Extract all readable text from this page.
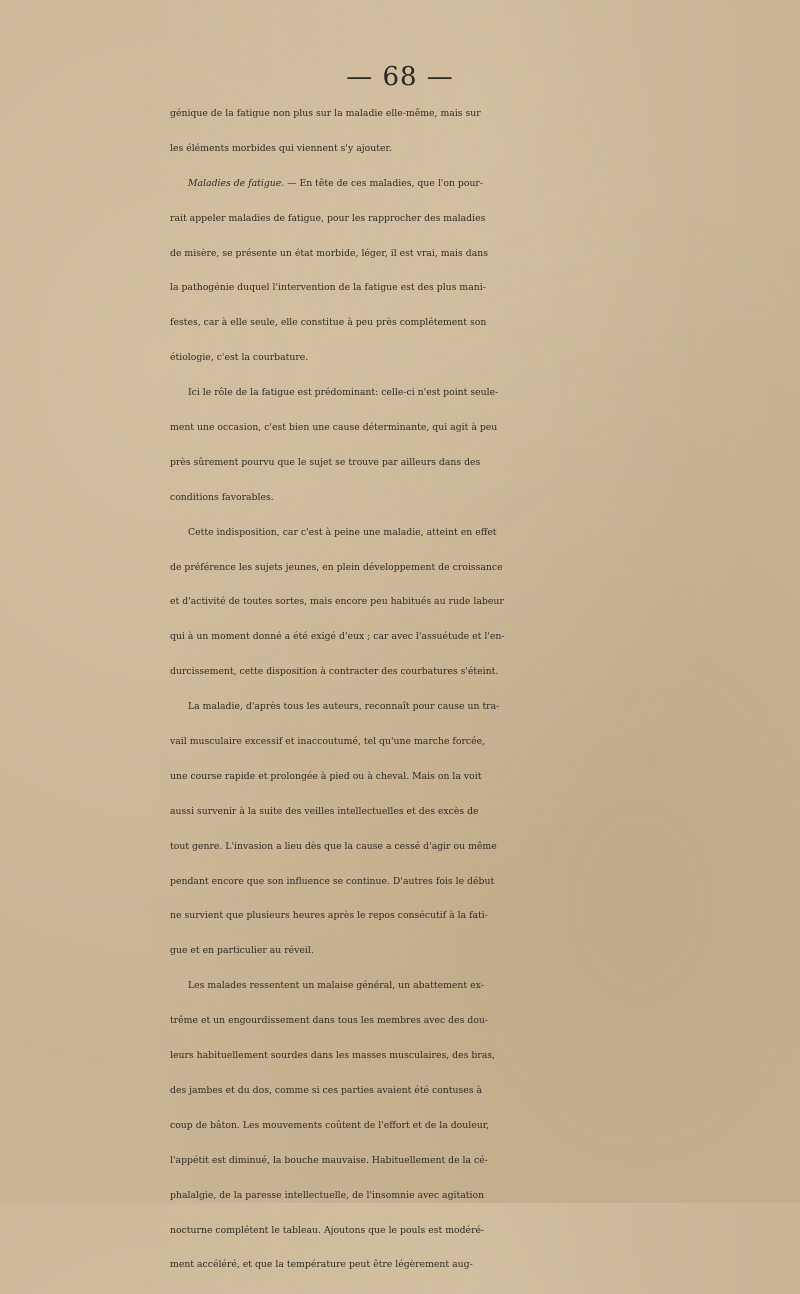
— 68 —
génique de la fatigue non plus sur la maladie elle-même, mais sur
les éléments morbides qui viennent s'y ajouter.
Maladies de fatigue. — En tête de ces maladies, que l'on pour-
rait appeler maladies de fatigue, pour les rapprocher des maladies
de misère, se présente un état morbide, léger, il est vrai, mais dans
la pathogénie duquel l'intervention de la fatigue est des plus mani-
festes, car à elle seule, elle constitue à peu près complétement son
étiologie, c'est la courbature.
Ici le rôle de la fatigue est prédominant: celle-ci n'est point seule-
ment une occasion, c'est bien une cause déterminante, qui agit à peu
près sûrement pourvu que le sujet se trouve par ailleurs dans des
conditions favorables.
Cette indisposition, car c'est à peine une maladie, atteint en effet
de préférence les sujets jeunes, en plein développement de croissance
et d'activité de toutes sortes, mais encore peu habitués au rude labeur
qui à un moment donné a été exigé d'eux ; car avec l'assuétude et l'en-
durcissement, cette disposition à contracter des courbatures s'éteint.
La maladie, d'après tous les auteurs, reconnaît pour cause un tra-
vail musculaire excessif et inaccoutumé, tel qu'une marche forcée,
une course rapide et prolongée à pied ou à cheval. Mais on la voit
aussi survenir à la suite des veilles intellectuelles et des excès de
tout genre. L'invasion a lieu dès que la cause a cessé d'agir ou même
pendant encore que son influence se continue. D'autres fois le début
ne survient que plusieurs heures après le repos consécutif à la fati-
gue et en particulier au réveil.
Les malades ressentent un malaise général, un abattement ex-
trême et un engourdissement dans tous les membres avec des dou-
leurs habituellement sourdes dans les masses musculaires, des bras,
des jambes et du dos, comme si ces parties avaient été contuses à
coup de bâton. Les mouvements coûtent de l'effort et de la douleur,
l'appétit est diminué, la bouche mauvaise. Habituellement de la cé-
phalalgie, de la paresse intellectuelle, de l'insomnie avec agitation
nocturne complétent le tableau. Ajoutons que le pouls est modéré-
ment accéléré, et que la température peut être légèrement aug-
